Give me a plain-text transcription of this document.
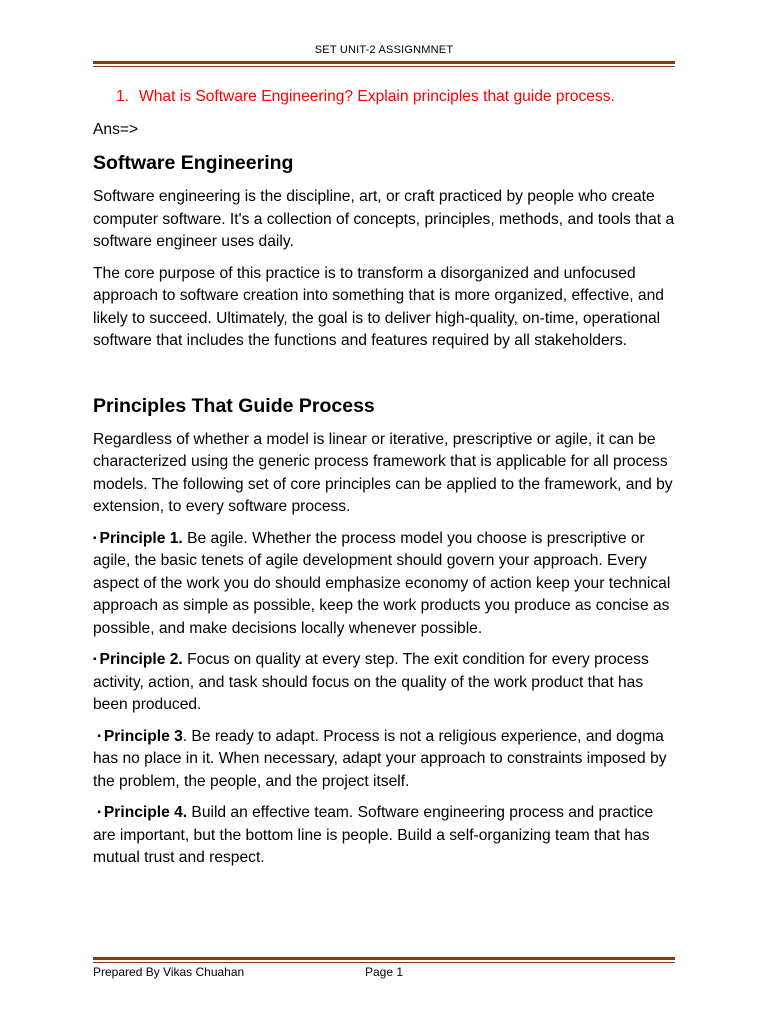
SET UNIT-2 ASSIGNMNET

1. What is Software Engineering? Explain principles that guide process.

Ans=>

Software Engineering

Software engineering is the discipline, art, or craft practiced by people who create computer software. It's a collection of concepts, principles, methods, and tools that a software engineer uses daily.

The core purpose of this practice is to transform a disorganized and unfocused approach to software creation into something that is more organized, effective, and likely to succeed. Ultimately, the goal is to deliver high-quality, on-time, operational software that includes the functions and features required by all stakeholders.

Principles That Guide Process

Regardless of whether a model is linear or iterative, prescriptive or agile, it can be characterized using the generic process framework that is applicable for all process models. The following set of core principles can be applied to the framework, and by extension, to every software process.

▪ Principle 1. Be agile. Whether the process model you choose is prescriptive or agile, the basic tenets of agile development should govern your approach. Every aspect of the work you do should emphasize economy of action keep your technical approach as simple as possible, keep the work products you produce as concise as possible, and make decisions locally whenever possible.

▪ Principle 2. Focus on quality at every step. The exit condition for every process activity, action, and task should focus on the quality of the work product that has been produced.

▪ Principle 3. Be ready to adapt. Process is not a religious experience, and dogma has no place in it. When necessary, adapt your approach to constraints imposed by the problem, the people, and the project itself.

▪ Principle 4. Build an effective team. Software engineering process and practice are important, but the bottom line is people. Build a self-organizing team that has mutual trust and respect.

Prepared By Vikas Chuahan	Page 1
